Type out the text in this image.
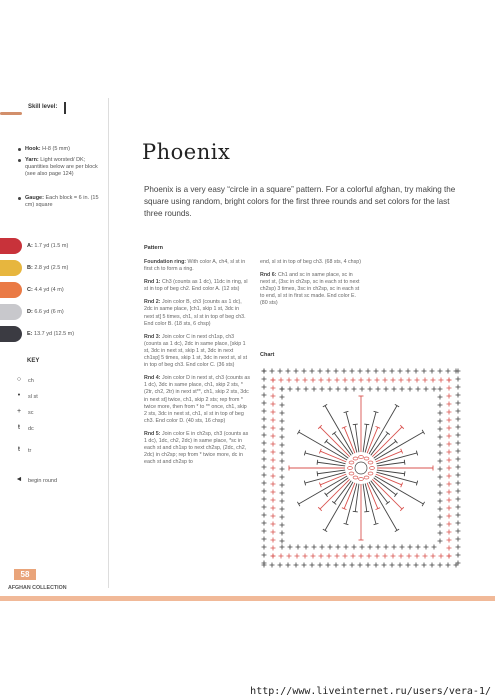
Skill level:
Hook: H-8 (5 mm)
Yarn: Light worsted/ DK; quantities below are per block (see also page 124)
Gauge: Each block = 6 in. (15 cm) square
A: 1.7 yd (1.5 m)
B: 2.8 yd (2.5 m)
C: 4.4 yd (4 m)
D: 6.6 yd (6 m)
E: 13.7 yd (12.5 m)
KEY
○	ch
•	sl st
+	sc
ŧ	dc
ŧ	tr
◄ begin round
Phoenix
Phoenix is a very easy “circle in a square” pattern. For a colorful afghan, try making the square using random, bright colors for the first three rounds and set colors for the last three rounds.
Pattern

Foundation ring: With color A, ch4, sl st in first ch to form a ring.

Rnd 1: Ch3 (counts as 1 dc), 11dc in ring, sl st in top of beg ch2. End color A. (12 sts)

Rnd 2: Join color B, ch3 (counts as 1 dc), 2dc in same place, [ch1, skip 1 st, 3dc in next st] 5 times, ch1, sl st in top of beg ch3. End color B. (18 sts, 6 chsp)

Rnd 3: Join color C in next ch1sp, ch3 (counts as 1 dc), 2dc in same place, [skip 1 st, 3dc in next st, skip 1 st, 3dc in next ch1sp] 5 times, skip 1 st, 3dc in next st, sl st in top of beg ch3. End color C. (36 sts)

Rnd 4: Join color D in next st, ch3 (counts as 1 dc), 3dc in same place, ch1, skip 2 sts, *(2tr, ch2, 2tr) in next st**, ch1, skip 2 sts, 3dc in next st] twice, ch1, skip 2 sts; rep from * twice more, then from * to ** once, ch1, skip 2 sts, 3dc in next st, ch1, sl st in top of beg ch3. End color D. (40 sts, 16 chsp)

Rnd 5: Join color E in ch2sp, ch3 (counts as 1 dc), 1dc, ch2, 2dc) in same place, *sc in each st and ch1sp to next ch2sp, (2dc, ch2, 2dc) in ch2sp; rep from * twice more, dc in each st and ch2sp to

end, sl st in top of beg ch3. (68 sts, 4 chsp)

Rnd 6: Ch1 and sc in same place, sc in next st, (3sc in ch2sp, sc in each st to next ch2sp) 3 times, 3sc in ch2sp, sc in each st to end, sl st in first sc made. End color E. (80 sts)

Chart
58
AFGHAN COLLECTION
http://www.liveinternet.ru/users/vera-1/
